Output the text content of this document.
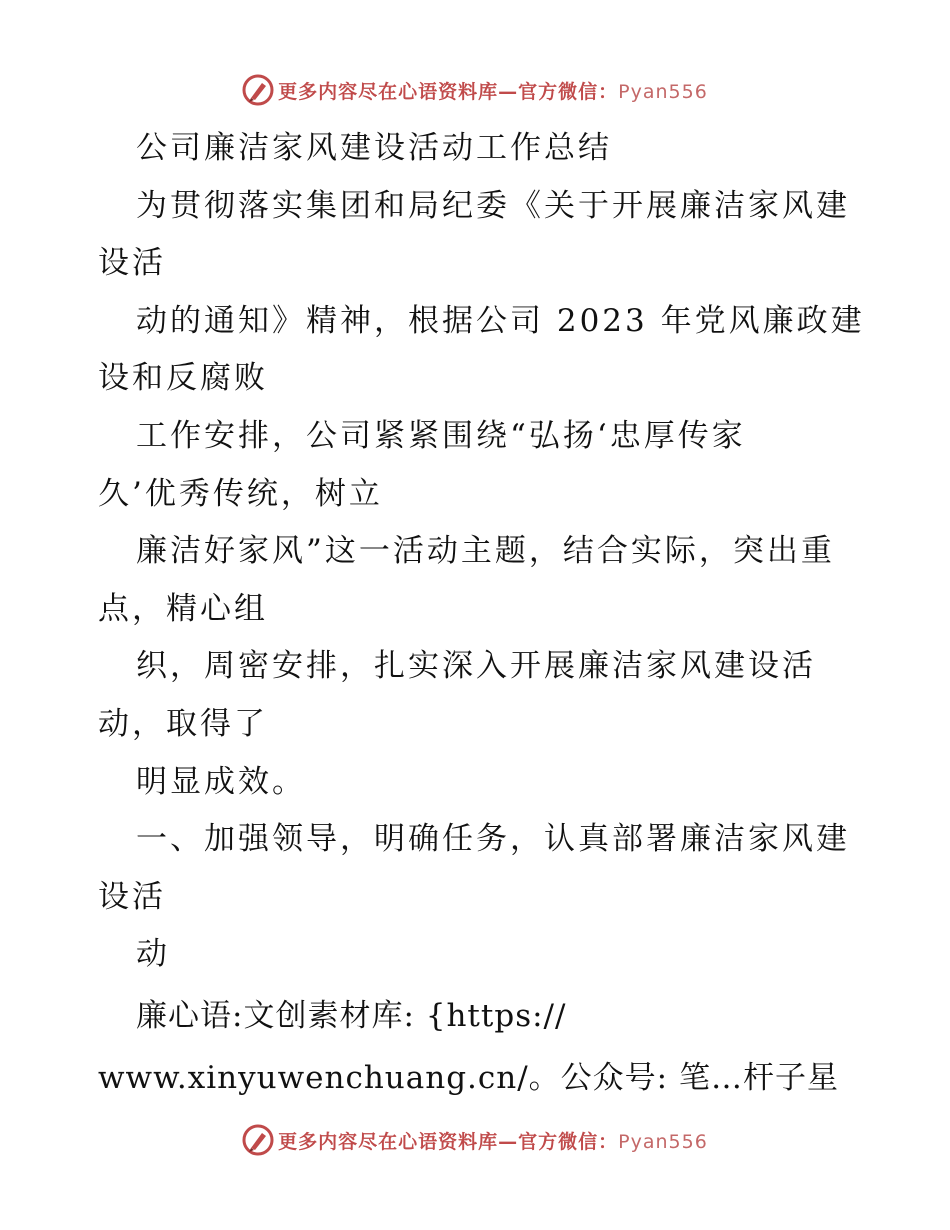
更多内容尽在心语资料库—官方微信：Pyan556
公司廉洁家风建设活动工作总结
为贯彻落实集团和局纪委《关于开展廉洁家风建
设活
动的通知》精神，根据公司 2023 年党风廉政建
设和反腐败
工作安排，公司紧紧围绕“弘扬‘忠厚传家
久’优秀传统，树立
廉洁好家风”这一活动主题，结合实际，突出重
点，精心组
织，周密安排，扎实深入开展廉洁家风建设活
动，取得了
明显成效。
一、加强领导，明确任务，认真部署廉洁家风建
设活
动
廉心语:文创素材库: {https://
www.xinyuwenchuang.cn/。公众号: 笔…杆子星
更多内容尽在心语资料库—官方微信：Pyan556
